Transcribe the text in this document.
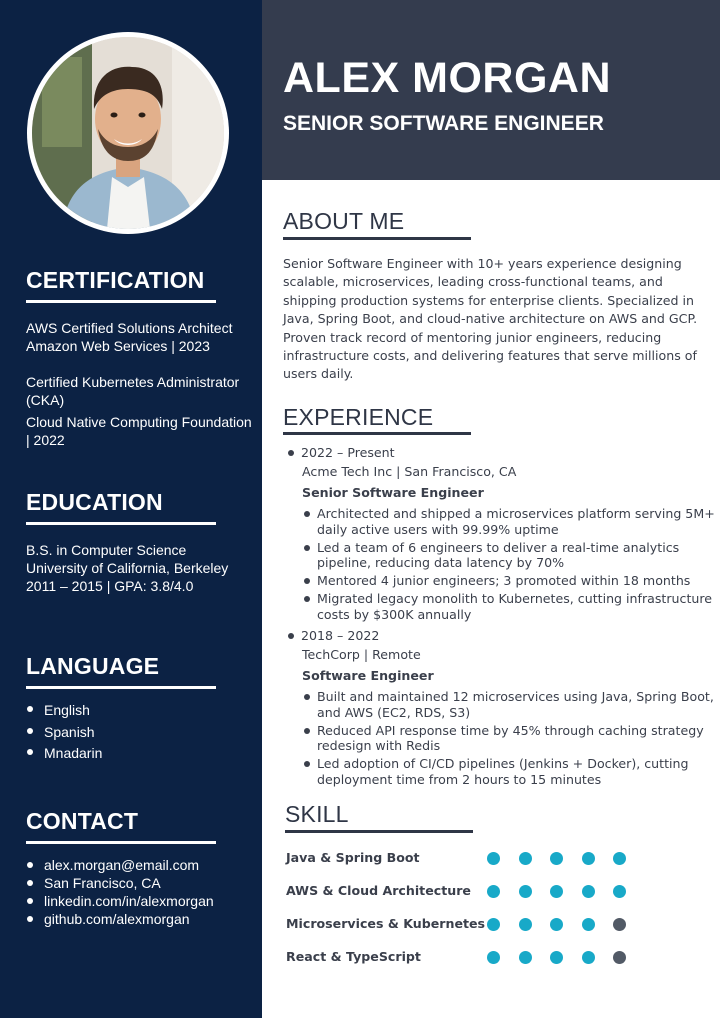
CERTIFICATION
AWS Certified Solutions Architect
Amazon Web Services | 2023
Certified Kubernetes Administrator (CKA)
Cloud Native Computing Foundation | 2022
EDUCATION
B.S. in Computer Science
University of California, Berkeley
2011 – 2015 | GPA: 3.8/4.0
LANGUAGE
English
Spanish
Mnadarin
CONTACT
alex.morgan@email.com
San Francisco, CA
linkedin.com/in/alexmorgan
github.com/alexmorgan
ALEX MORGAN
SENIOR SOFTWARE ENGINEER
ABOUT ME
Senior Software Engineer with 10+ years experience designing scalable, microservices, leading cross-functional teams, and shipping production systems for enterprise clients. Specialized in Java, Spring Boot, and cloud-native architecture on AWS and GCP. Proven track record of mentoring junior engineers, reducing infrastructure costs, and delivering features that serve millions of users daily.
EXPERIENCE
2022 – Present
Acme Tech Inc | San Francisco, CA
Senior Software Engineer
Architected and shipped a microservices platform serving 5M+ daily active users with 99.99% uptime
Led a team of 6 engineers to deliver a real-time analytics pipeline, reducing data latency by 70%
Mentored 4 junior engineers; 3 promoted within 18 months
Migrated legacy monolith to Kubernetes, cutting infrastructure costs by $300K annually
2018 – 2022
TechCorp | Remote
Software Engineer
Built and maintained 12 microservices using Java, Spring Boot, and AWS (EC2, RDS, S3)
Reduced API response time by 45% through caching strategy redesign with Redis
Led adoption of CI/CD pipelines (Jenkins + Docker), cutting deployment time from 2 hours to 15 minutes
SKILL
Java & Spring Boot
AWS & Cloud Architecture
Microservices & Kubernetes
React & TypeScript
